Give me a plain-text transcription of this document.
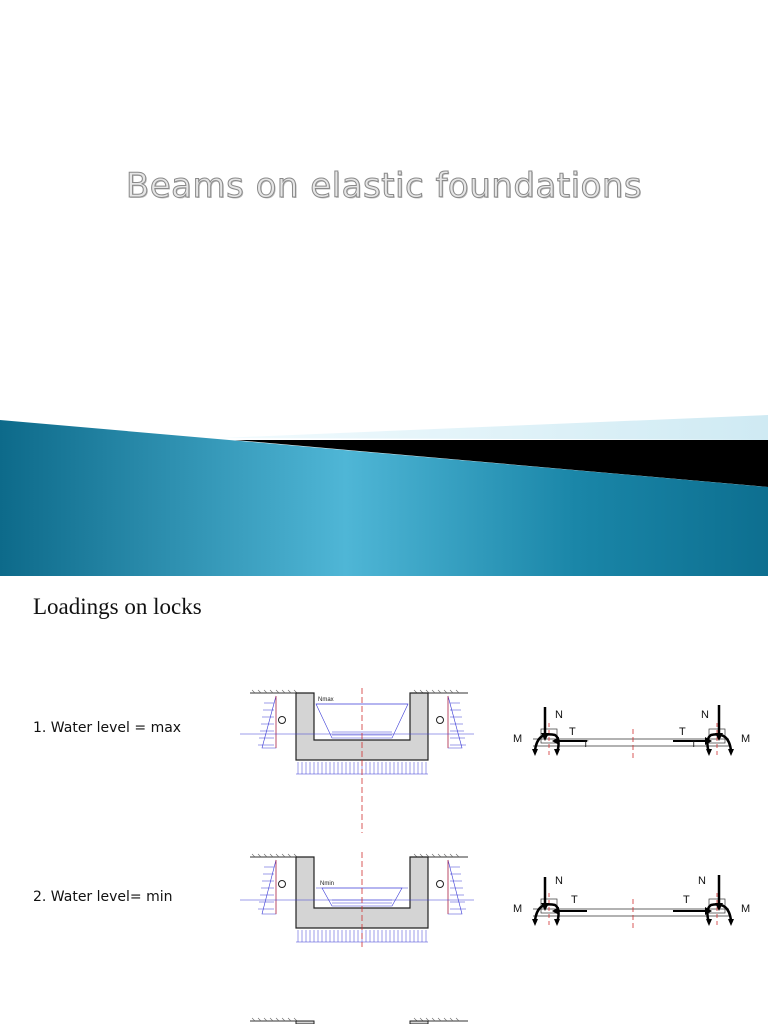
Beams on elastic foundations
Loadings on locks
1. Water level = max
Nmax
N
T
T
M
N
T
T	M
2. Water level= min
Nmin	N
T
M
N
T
M
